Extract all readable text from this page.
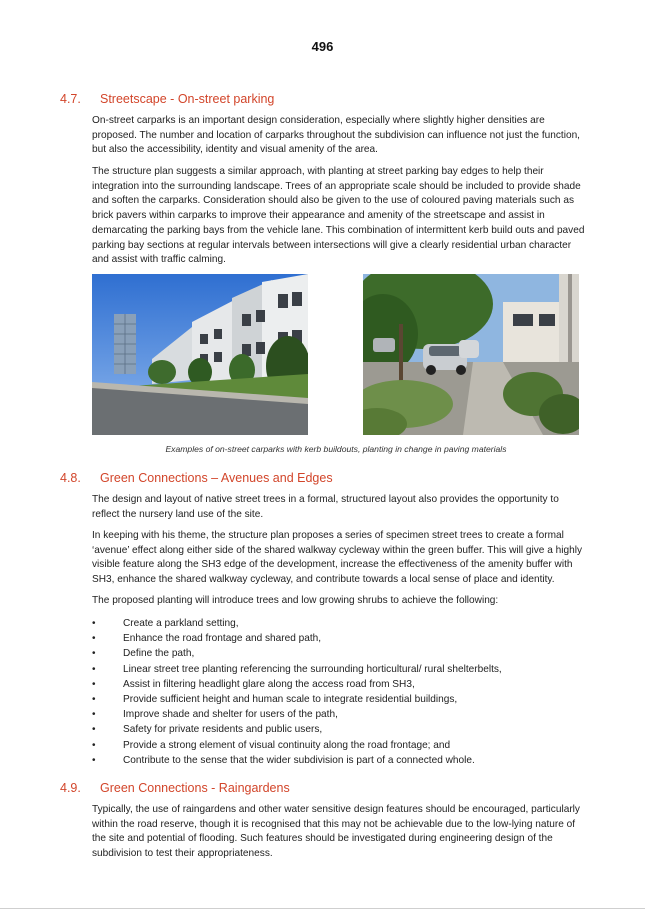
496
4.7. Streetscape - On-street parking
On-street carparks is an important design consideration, especially where slightly higher densities are proposed. The number and location of carparks throughout the subdivision can influence not just the function, but also the accessibility, identity and visual amenity of the area.
The structure plan suggests a similar approach, with planting at street parking bay edges to help their integration into the surrounding landscape. Trees of an appropriate scale should be included to provide shade and soften the carparks. Consideration should also be given to the use of coloured paving materials such as brick pavers within carparks to improve their appearance and amenity of the streetscape and assist in demarcating the parking bays from the vehicle lane. This combination of intermittent kerb build outs and paved parking bay sections at regular intervals between intersections will give a clearly residential urban character and assist with traffic calming.
Examples of on-street carparks with kerb buildouts, planting in change in paving materials
4.8. Green Connections – Avenues and Edges
The design and layout of native street trees in a formal, structured layout also provides the opportunity to reflect the nursery land use of the site.
In keeping with his theme, the structure plan proposes a series of specimen street trees to create a formal ‘avenue’ effect along either side of the shared walkway cycleway within the green buffer. This will give a highly visible feature along the SH3 edge of the development, increase the effectiveness of the amenity buffer with SH3, enhance the shared walkway cycleway, and contribute towards a local sense of place and identity.
The proposed planting will introduce trees and low growing shrubs to achieve the following:
•	Create a parkland setting,
•	Enhance the road frontage and shared path,
•	Define the path,
•	Linear street tree planting referencing the surrounding horticultural/ rural shelterbelts,
•	Assist in filtering headlight glare along the access road from SH3,
•	Provide sufficient height and human scale to integrate residential buildings,
•	Improve shade and shelter for users of the path,
•	Safety for private residents and public users,
•	Provide a strong element of visual continuity along the road frontage; and
•	Contribute to the sense that the wider subdivision is part of a connected whole.
4.9. Green Connections - Raingardens
Typically, the use of raingardens and other water sensitive design features should be encouraged, particularly within the road reserve, though it is recognised that this may not be achievable due to the low-lying nature of the site and potential of flooding. Such features should be investigated during engineering design of the subdivision to test their appropriateness.
